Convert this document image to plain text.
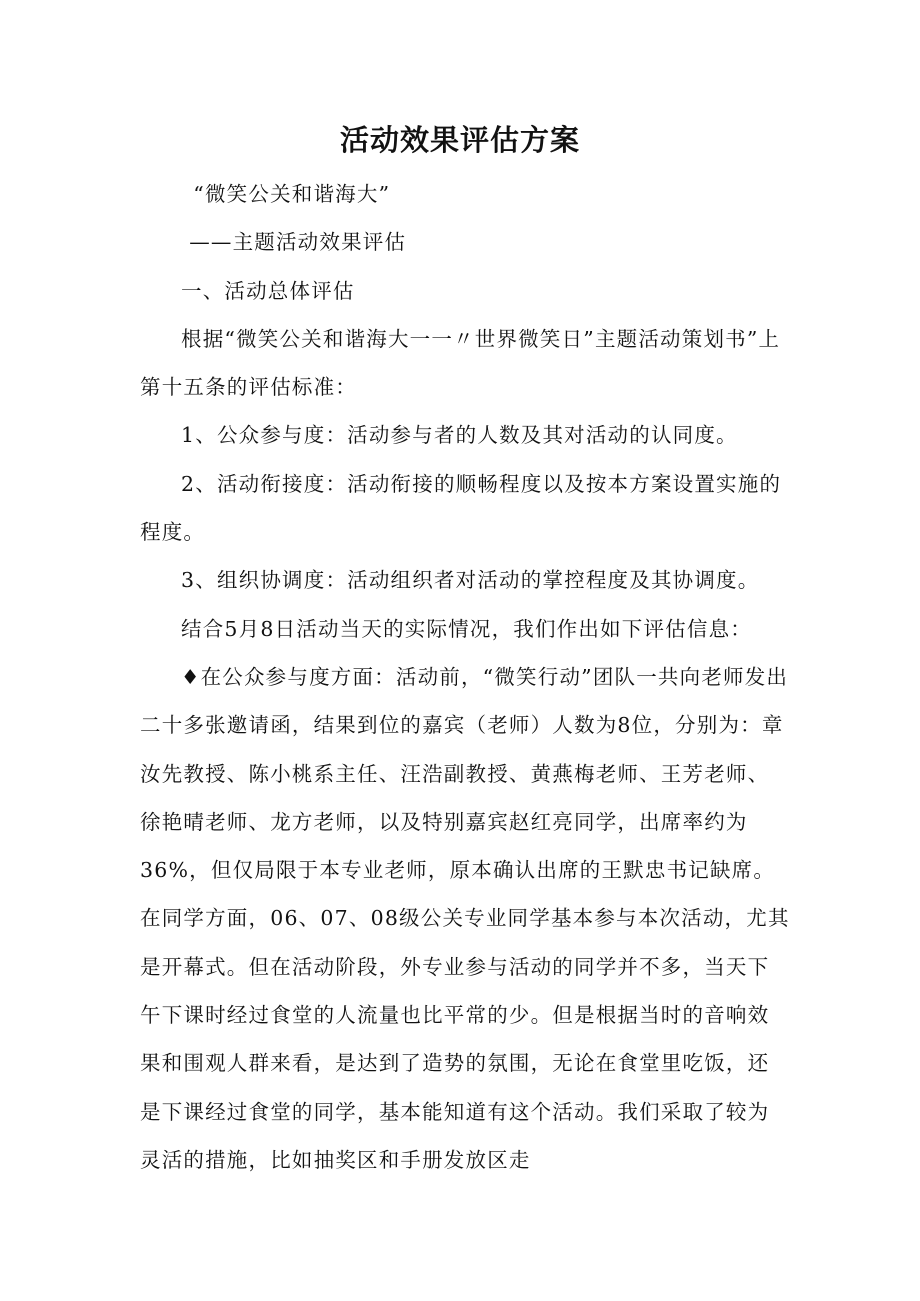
活动效果评估方案

“微笑公关和谐海大”

——主题活动效果评估

一、活动总体评估

根据“微笑公关和谐海大一一〃世界微笑日”主题活动策划书”上第十五条的评估标准：

1、公众参与度：活动参与者的人数及其对活动的认同度。

2、活动衔接度：活动衔接的顺畅程度以及按本方案设置实施的程度。

3、组织协调度：活动组织者对活动的掌控程度及其协调度。

结合5月8日活动当天的实际情况，我们作出如下评估信息：

♦在公众参与度方面：活动前，“微笑行动”团队一共向老师发出二十多张邀请函，结果到位的嘉宾（老师）人数为8位，分别为：章汝先教授、陈小桃系主任、汪浩副教授、黄燕梅老师、王芳老师、徐艳晴老师、龙方老师，以及特别嘉宾赵红亮同学，出席率约为36%，但仅局限于本专业老师，原本确认出席的王默忠书记缺席。在同学方面，06、07、08级公关专业同学基本参与本次活动，尤其是开幕式。但在活动阶段，外专业参与活动的同学并不多，当天下午下课时经过食堂的人流量也比平常的少。但是根据当时的音响效果和围观人群来看，是达到了造势的氛围，无论在食堂里吃饭，还是下课经过食堂的同学，基本能知道有这个活动。我们采取了较为灵活的措施，比如抽奖区和手册发放区走
